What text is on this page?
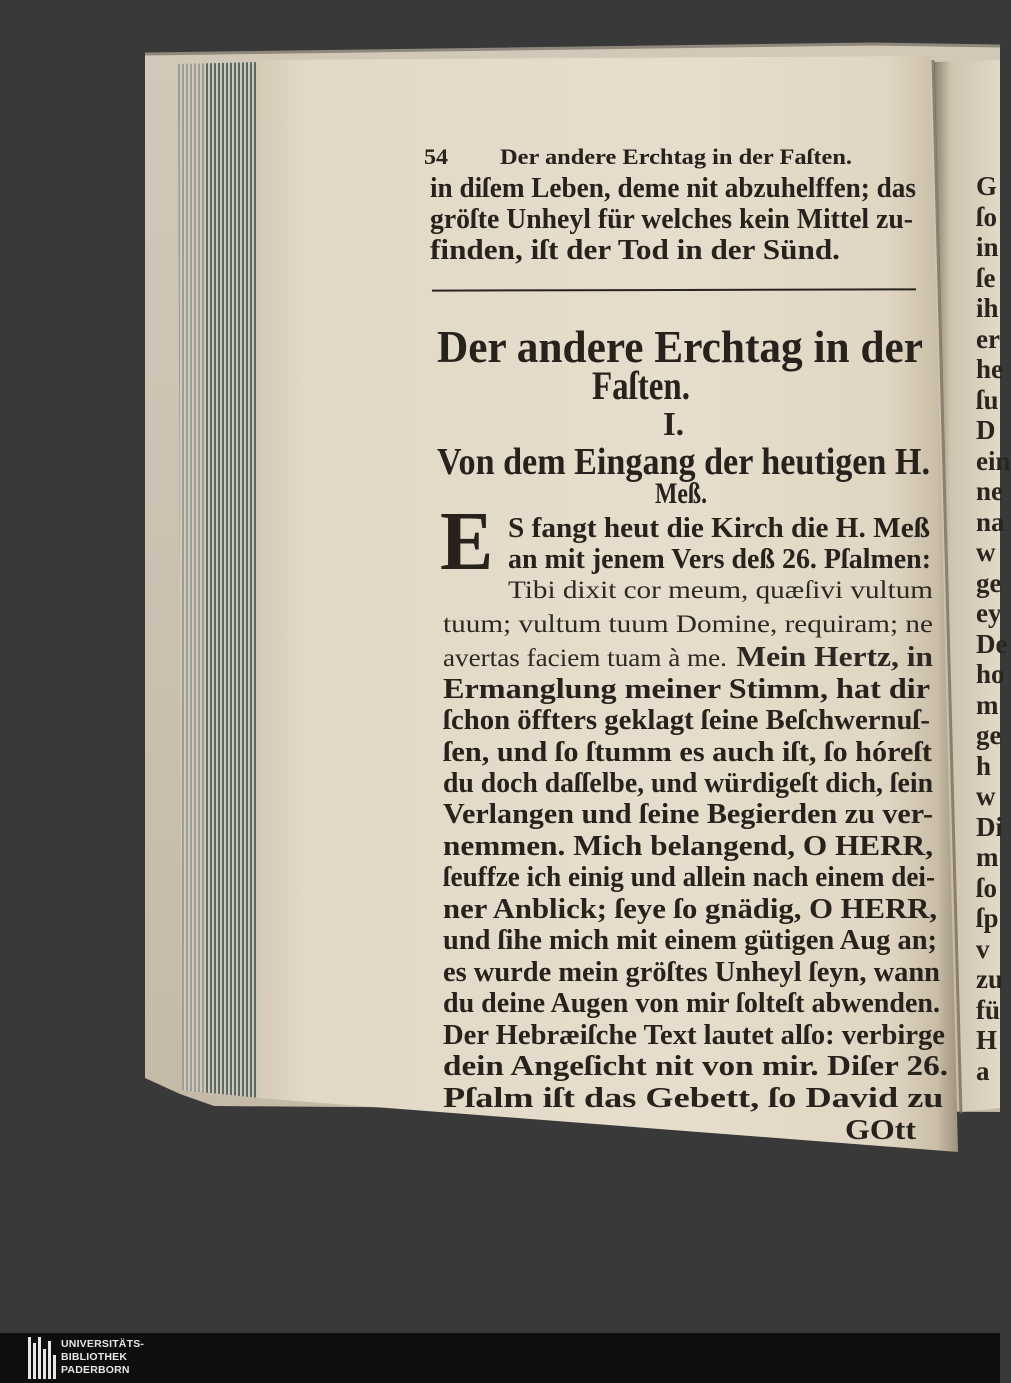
54 Der andere Erchtag in der Faſten.
in diſem Leben, deme nit abzuhelffen; das
gröſte Unheyl für welches kein Mittel zu-
finden, iſt der Tod in der Sünd.
Der andere Erchtag in der
Faſten.
I.
Von dem Eingang der heutigen H.
Meß.
E S fangt heut die Kirch die H. Meß
an mit jenem Vers deß 26. Pſalmen:
Tibi dixit cor meum, quæſivi vultum
tuum; vultum tuum Domine, requiram; ne
avertas faciem tuam à me. Mein Hertz, in
Ermanglung meiner Stimm, hat dir
ſchon öffters geklagt ſeine Beſchwernuſ-
ſen, und ſo ſtumm es auch iſt, ſo hóreſt
du doch daſſelbe, und würdigeſt dich, ſein
Verlangen und ſeine Begierden zu ver-
nemmen. Mich belangend, O HERR,
ſeuffze ich einig und allein nach einem dei-
ner Anblick; ſeye ſo gnädig, O HERR,
und ſihe mich mit einem gütigen Aug an;
es wurde mein gröſtes Unheyl ſeyn, wann
du deine Augen von mir ſolteſt abwenden.
Der Hebræiſche Text lautet alſo: verbirge
dein Angeſicht nit von mir. Diſer 26.
Pſalm iſt das Gebett, ſo David zu
GOtt
G
ſo
in
ſe
ih
er
he
ſu
D
ein
ne
na
w
ge
ey
De
ho
m
ge
h
w
Di
m
ſo
ſp
v
zu
fü
H
a
UNIVERSITÄTS-
BIBLIOTHEK
PADERBORN
